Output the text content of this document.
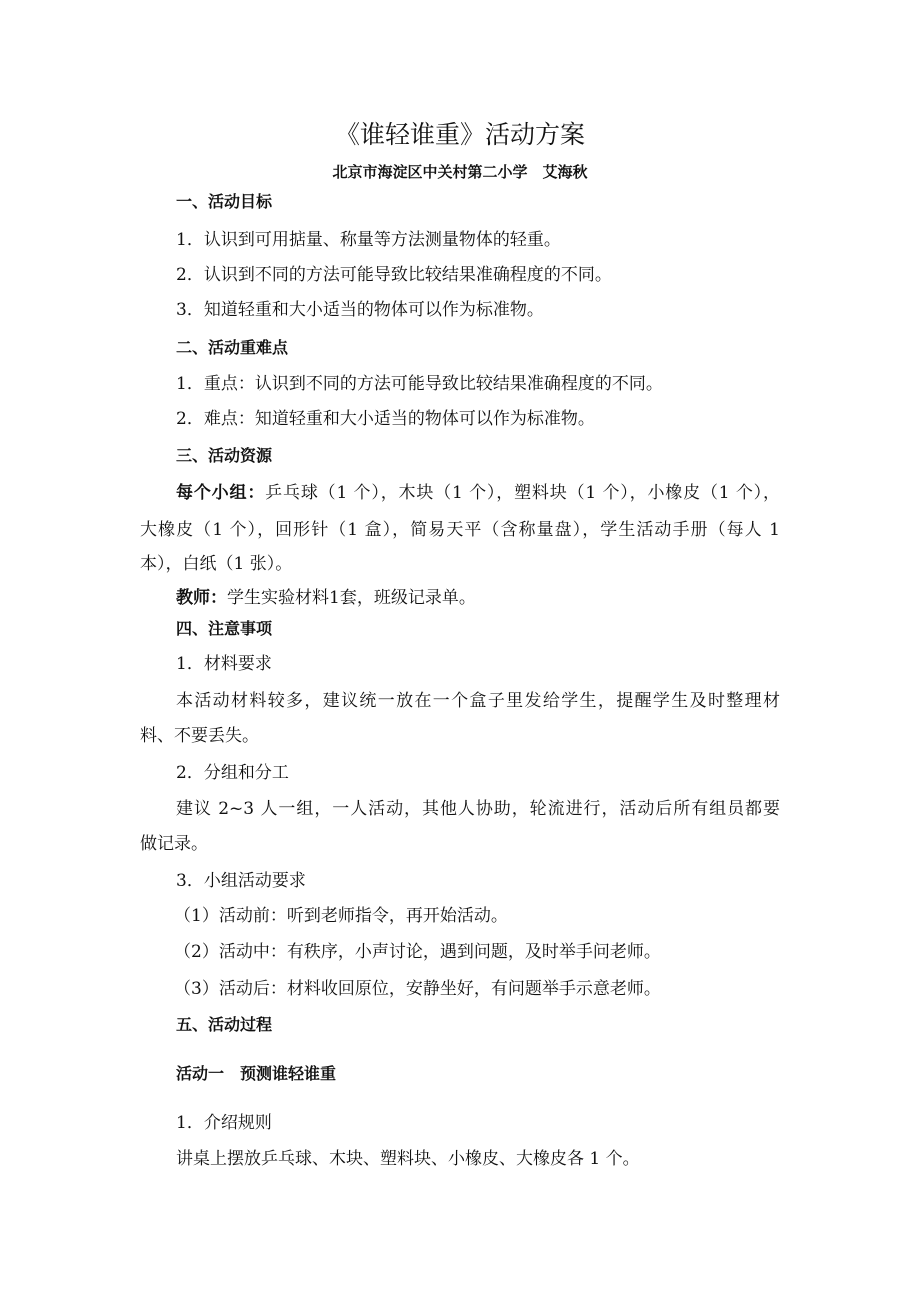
《谁轻谁重》活动方案
北京市海淀区中关村第二小学　艾海秋
一、活动目标
1．认识到可用掂量、称量等方法测量物体的轻重。
2．认识到不同的方法可能导致比较结果准确程度的不同。
3．知道轻重和大小适当的物体可以作为标准物。
二、活动重难点
1．重点：认识到不同的方法可能导致比较结果准确程度的不同。
2．难点：知道轻重和大小适当的物体可以作为标准物。
三、活动资源
每个小组：乒乓球（1 个），木块（1 个），塑料块（1 个），小橡皮（1 个），
大橡皮（1 个），回形针（1 盒），简易天平（含称量盘），学生活动手册（每人 1
本），白纸（1 张）。
教师：学生实验材料1套，班级记录单。
四、注意事项
1．材料要求
本活动材料较多，建议统一放在一个盒子里发给学生，提醒学生及时整理材
料、不要丢失。
2．分组和分工
建议 2~3 人一组，一人活动，其他人协助，轮流进行，活动后所有组员都要
做记录。
3．小组活动要求
（1）活动前：听到老师指令，再开始活动。
（2）活动中：有秩序，小声讨论，遇到问题，及时举手问老师。
（3）活动后：材料收回原位，安静坐好，有问题举手示意老师。
五、活动过程
活动一　预测谁轻谁重
1．介绍规则
讲桌上摆放乒乓球、木块、塑料块、小橡皮、大橡皮各 1 个。
